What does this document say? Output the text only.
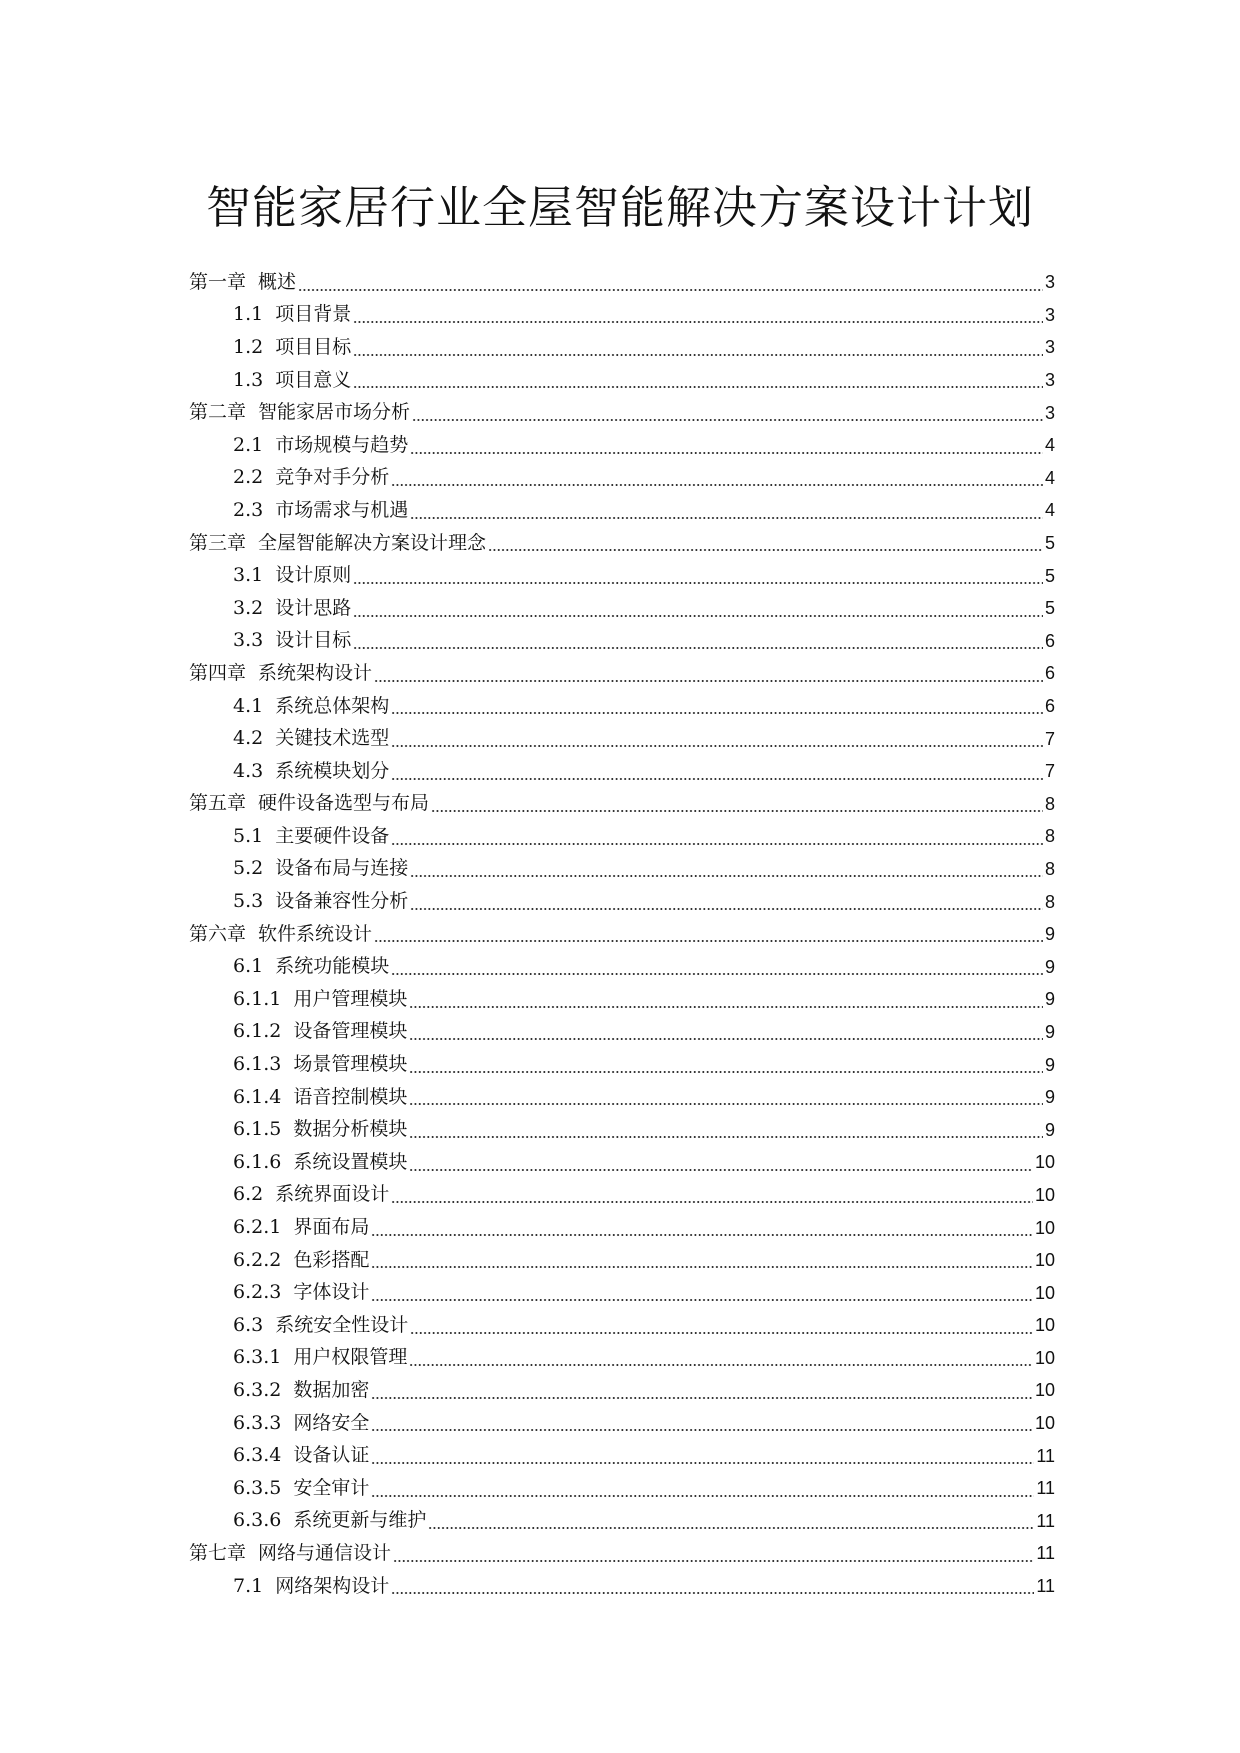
智能家居行业全屋智能解决方案设计计划
第一章 概述	3
1.1 项目背景	3
1.2 项目目标	3
1.3 项目意义	3
第二章 智能家居市场分析	3
2.1 市场规模与趋势	4
2.2 竞争对手分析	4
2.3 市场需求与机遇	4
第三章 全屋智能解决方案设计理念	5
3.1 设计原则	5
3.2 设计思路	5
3.3 设计目标	6
第四章 系统架构设计	6
4.1 系统总体架构	6
4.2 关键技术选型	7
4.3 系统模块划分	7
第五章 硬件设备选型与布局	8
5.1 主要硬件设备	8
5.2 设备布局与连接	8
5.3 设备兼容性分析	8
第六章 软件系统设计	9
6.1 系统功能模块	9
6.1.1 用户管理模块	9
6.1.2 设备管理模块	9
6.1.3 场景管理模块	9
6.1.4 语音控制模块	9
6.1.5 数据分析模块	9
6.1.6 系统设置模块	10
6.2 系统界面设计	10
6.2.1 界面布局	10
6.2.2 色彩搭配	10
6.2.3 字体设计	10
6.3 系统安全性设计	10
6.3.1 用户权限管理	10
6.3.2 数据加密	10
6.3.3 网络安全	10
6.3.4 设备认证	11
6.3.5 安全审计	11
6.3.6 系统更新与维护	11
第七章 网络与通信设计	11
7.1 网络架构设计	11
